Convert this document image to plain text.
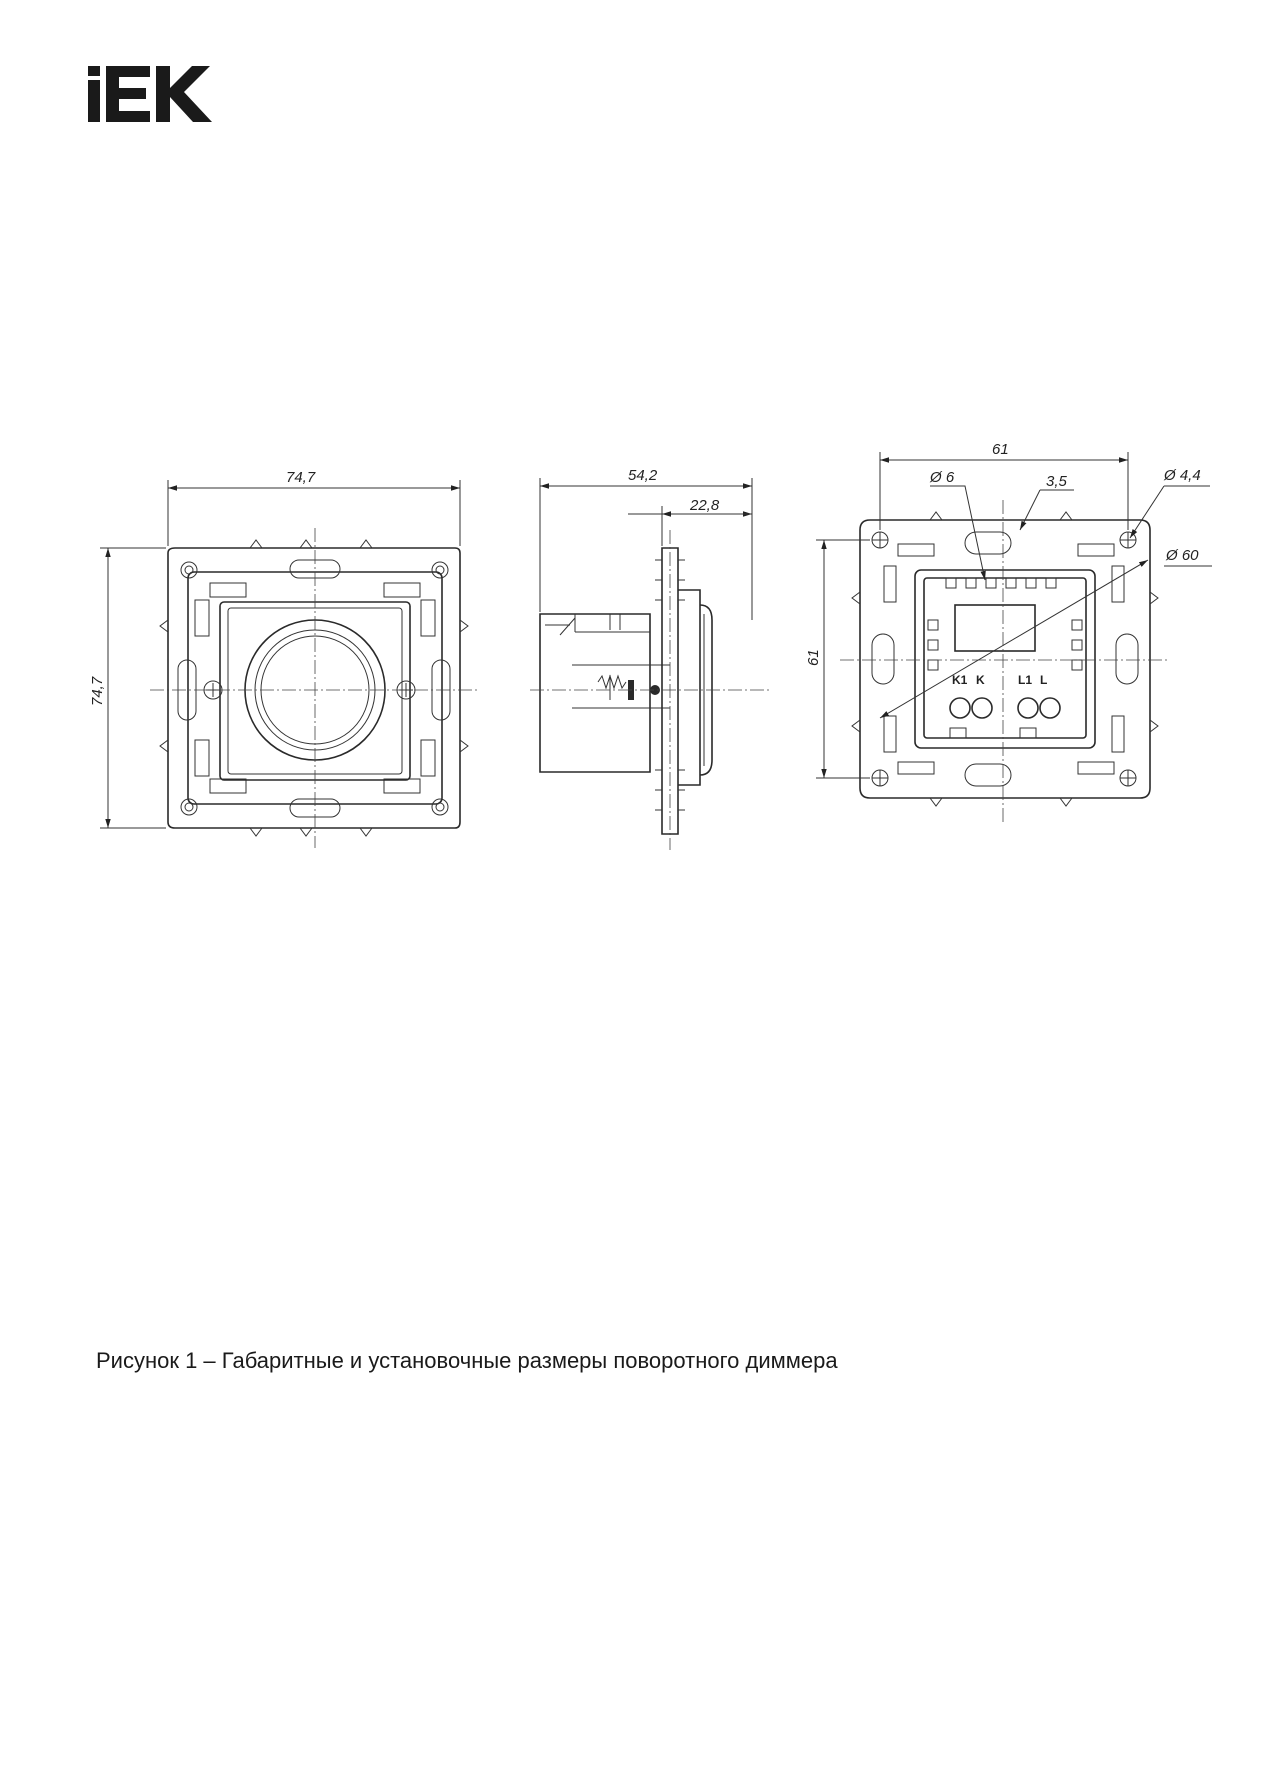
74,7
74,7
54,2
22,8
K1 K	L1 L
61
61
Ø 6	3,5	Ø 4,4
Ø 60
Рисунок 1 – Габаритные и установочные размеры поворотного диммера
